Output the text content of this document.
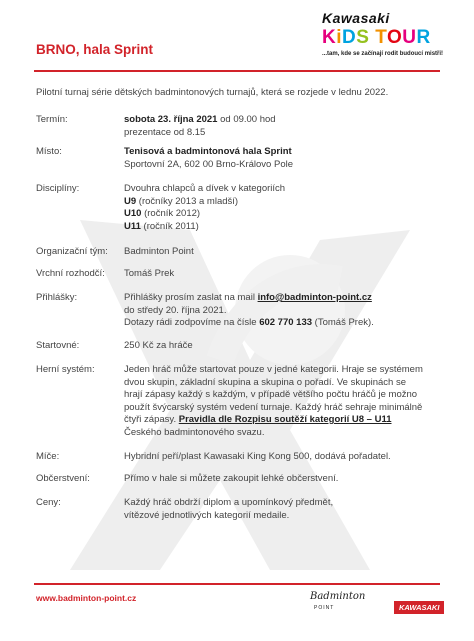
BRNO, hala Sprint
Kawasaki
KiDS TOUR
...tam, kde se začínají rodit budoucí mistři!
Pilotní turnaj série dětských badmintonových turnajů, která se rozjede v lednu 2022.
Termín:	sobota 23. října 2021 od 09.00 hod
prezentace od 8.15
Místo:	Tenisová a badmintonová hala Sprint
Sportovní 2A, 602 00 Brno-Královo Pole
Disciplíny:	Dvouhra chlapců a dívek v kategoriích
U9 (ročníky 2013 a mladší)
U10 (ročník 2012)
U11 (ročník 2011)
Organizační tým:	Badminton Point
Vrchní rozhodčí:	Tomáš Prek
Přihlášky:	Přihlášky prosím zaslat na mail info@badminton-point.cz
do středy 20. října 2021.
Dotazy rádi zodpovíme na čísle 602 770 133 (Tomáš Prek).
Startovné:	250 Kč za hráče
Herní systém:	Jeden hráč může startovat pouze v jedné kategorii. Hraje se systémem
dvou skupin, základní skupina a skupina o pořadí. Ve skupinách se
hrají zápasy každý s každým, v případě většího počtu hráčů je možno
použít švýcarský systém vedení turnaje. Každý hráč sehraje minimálně
čtyři zápasy. Pravidla dle Rozpisu soutěží kategorií U8 – U11
Českého badmintonového svazu.
Míče:	Hybridní peří/plast Kawasaki King Kong 500, dodává pořadatel.
Občerstvení:	Přímo v hale si můžete zakoupit lehké občerstvení.
Ceny:	Každý hráč obdrží diplom a upomínkový předmět,
vítězové jednotlivých kategorií medaile.
www.badminton-point.cz	Badminton
POINT	KAWASAKI
